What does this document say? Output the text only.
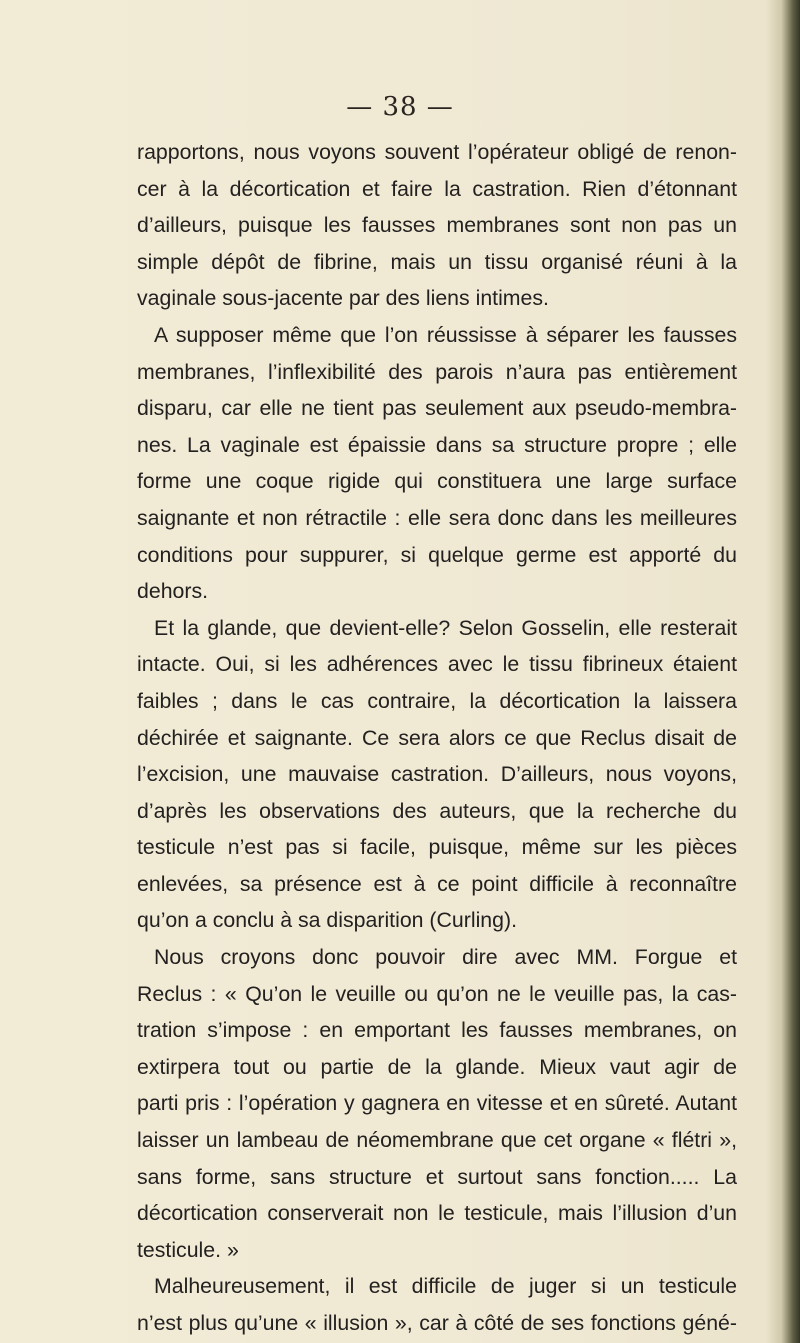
— 38 —
rapportons, nous voyons souvent l’opérateur obligé de renon-
cer à la décortication et faire la castration. Rien d’étonnant
d’ailleurs, puisque les fausses membranes sont non pas un
simple dépôt de fibrine, mais un tissu organisé réuni à la
vaginale sous-jacente par des liens intimes.
A supposer même que l’on réussisse à séparer les fausses
membranes, l’inflexibilité des parois n’aura pas entièrement
disparu, car elle ne tient pas seulement aux pseudo-membra-
nes. La vaginale est épaissie dans sa structure propre ; elle
forme une coque rigide qui constituera une large surface
saignante et non rétractile : elle sera donc dans les meilleures
conditions pour suppurer, si quelque germe est apporté du
dehors.
Et la glande, que devient-elle? Selon Gosselin, elle resterait
intacte. Oui, si les adhérences avec le tissu fibrineux étaient
faibles ; dans le cas contraire, la décortication la laissera
déchirée et saignante. Ce sera alors ce que Reclus disait de
l’excision, une mauvaise castration. D’ailleurs, nous voyons,
d’après les observations des auteurs, que la recherche du
testicule n’est pas si facile, puisque, même sur les pièces
enlevées, sa présence est à ce point difficile à reconnaître
qu’on a conclu à sa disparition (Curling).
Nous croyons donc pouvoir dire avec MM. Forgue et
Reclus : « Qu’on le veuille ou qu’on ne le veuille pas, la cas-
tration s’impose : en emportant les fausses membranes, on
extirpera tout ou partie de la glande. Mieux vaut agir de
parti pris : l’opération y gagnera en vitesse et en sûreté. Autant
laisser un lambeau de néomembrane que cet organe « flétri »,
sans forme, sans structure et surtout sans fonction..... La
décortication conserverait non le testicule, mais l’illusion d’un
testicule. »
Malheureusement, il est difficile de juger si un testicule
n’est plus qu’une « illusion », car à côté de ses fonctions géné-
